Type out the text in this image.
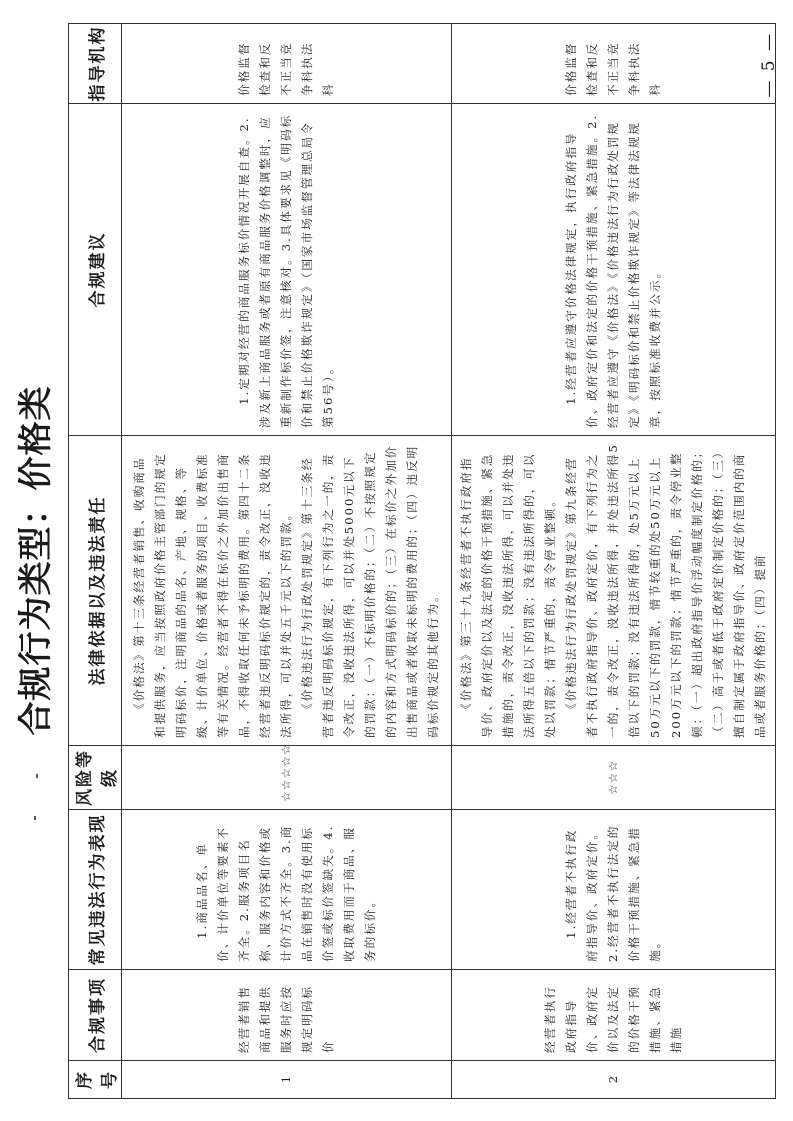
合规行为类型：价格类
序号	合规事项	常见违法行为表现	风险等级	法律依据以及违法责任	合规建议	指导机构
1	经营者销售商品和提供服务时应按规定明码标价	1.商品品名、单价、计价单位等要素不齐全。2.服务项目名称、服务内容和价格或计价方式不齐全。3.商品在销售时没有使用标价签或标价签缺失。4.收取费用而于商品、服务的标价。	☆☆☆☆☆	《价格法》第十三条经营者销售、收购商品和提供服务，应当按照政府价格主管部门的规定明码标价，注明商品的品名、产地、规格、等级、计价单位、价格或者服务的项目、收费标准等有关情况。经营者不得在标价之外加价出售商品，不得收取任何未予标明的费用。第四十二条经营者违反明码标价规定的，责令改正，没收违法所得，可以并处五千元以下的罚款。 《价格违法行为行政处罚规定》第十三条经营者违反明码标价规定，有下列行为之一的，责令改正，没收违法所得，可以并处5000元以下的罚款：（一）不标明价格的；（二）不按照规定的内容和方式明码标价的；（三）在标价之外加价出售商品或者收取未标明的费用的；（四）违反明码标价规定的其他行为。	1.定期对经营的商品服务标价情况开展自查。2.涉及新上商品服务或者原有商品服务价格调整时，应重新制作标价签，注意核对。3.具体要求见《明码标价和禁止价格欺诈规定》（国家市场监督管理总局令第56号）。	价格监督检查和反不正当竞争科执法科

2	经营者执行政府指导价、政府定价以及法定的价格干预措施、紧急措施	1.经营者不执行政府指导价、政府定价。2.经营者不执行法定的价格干预措施、紧急措施。	☆☆☆	《价格法》第三十九条经营者不执行政府指导价、政府定价以及法定的价格干预措施、紧急措施的，责令改正，没收违法所得，可以并处违法所得五倍以下的罚款；没有违法所得的，可以处以罚款；情节严重的，责令停业整顿。 《价格违法行为行政处罚规定》第九条经营者不执行政府指导价、政府定价，有下列行为之一的，责令改正，没收违法所得，并处违法所得5倍以下的罚款；没有违法所得的，处5万元以上50万元以下的罚款，情节较重的处50万元以上200万元以下的罚款；情节严重的，责令停业整顿：（一）超出政府指导价浮动幅度制定价格的；（二）高于或者低于政府定价制定价格的；（三）擅自制定属于政府指导价、政府定价范围内的商品或者服务价格的；（四）提前	1.经营者应遵守价格法律规定，执行政府指导价、政府定价和法定的价格干预措施、紧急措施。2.经营者应遵守《价格法》《价格违法行为行政处罚规定》《明码标价和禁止价格欺诈规定》等法律法规规章，按照标准收费并公示。	价格监督检查和反不正当竞争科执法科	— 5 —
